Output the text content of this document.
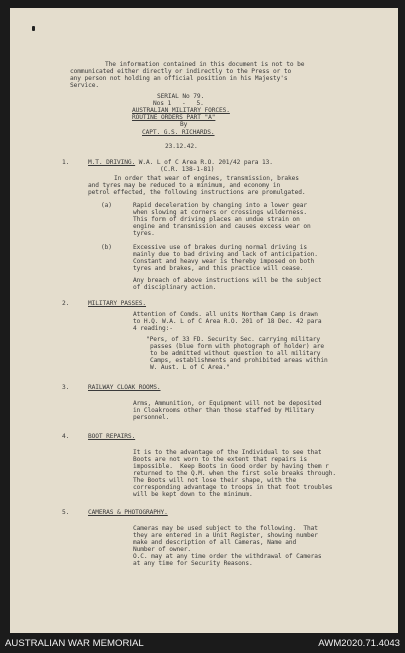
The information contained in this document is not to be
communicated either directly or indirectly to the Press or to
any person not holding an official position in his Majesty's
Service.
SERIAL No 79.
Nos 1   -   5.
AUSTRALIAN MILITARY FORCES.
ROUTINE ORDERS PART "A"
By
CAPT. G.S. RICHARDS.
23.12.42.
1.	M.T. DRIVING. W.A. L of C Area R.O. 201/42 para 13.
(C.R. 138-1-81)
In order that wear of engines, transmission, brakes
and tyres may be reduced to a minimum, and economy in
petrol effected, the following instructions are promulgated.
(a)	Rapid deceleration by changing into a lower gear
when slowing at corners or crossings wilderness.
This form of driving places an undue strain on
engine and transmission and causes excess wear on
tyres.
(b)	Excessive use of brakes during normal driving is
mainly due to bad driving and lack of anticipation.
Constant and heavy wear is thereby imposed on both
tyres and brakes, and this practice will cease.
Any breach of above instructions will be the subject
of disciplinary action.
2.	MILITARY PASSES.
Attention of Comds. all units Northam Camp is drawn
to H.Q. W.A. L of C Area R.O. 201 of 18 Dec. 42 para
4 reading:-
"Pers, of 33 FD. Security Sec. carrying military
passes (blue form with photograph of holder) are
to be admitted without question to all military
Camps, establishments and prohibited areas within
W. Aust. L of C Area."
3.	RAILWAY CLOAK ROOMS.
Arms, Ammunition, or Equipment will not be deposited
in Cloakrooms other than those staffed by Military
personnel.
4.	BOOT REPAIRS.
It is to the advantage of the Individual to see that
Boots are not worn to the extent that repairs is
impossible.  Keep Boots in Good order by having them r
returned to the Q.M. when the first sole breaks through.
The Boots will not lose their shape, with the
corresponding advantage to troops in that foot troubles
will be kept down to the minimum.
5.	CAMERAS & PHOTOGRAPHY.
Cameras may be used subject to the following.  That
they are entered in a Unit Register, showing number
make and description of all Cameras, Name and
Number of owner.
O.C. may at any time order the withdrawal of Cameras
at any time for Security Reasons.
AUSTRALIAN WAR MEMORIAL	AWM2020.71.4043
